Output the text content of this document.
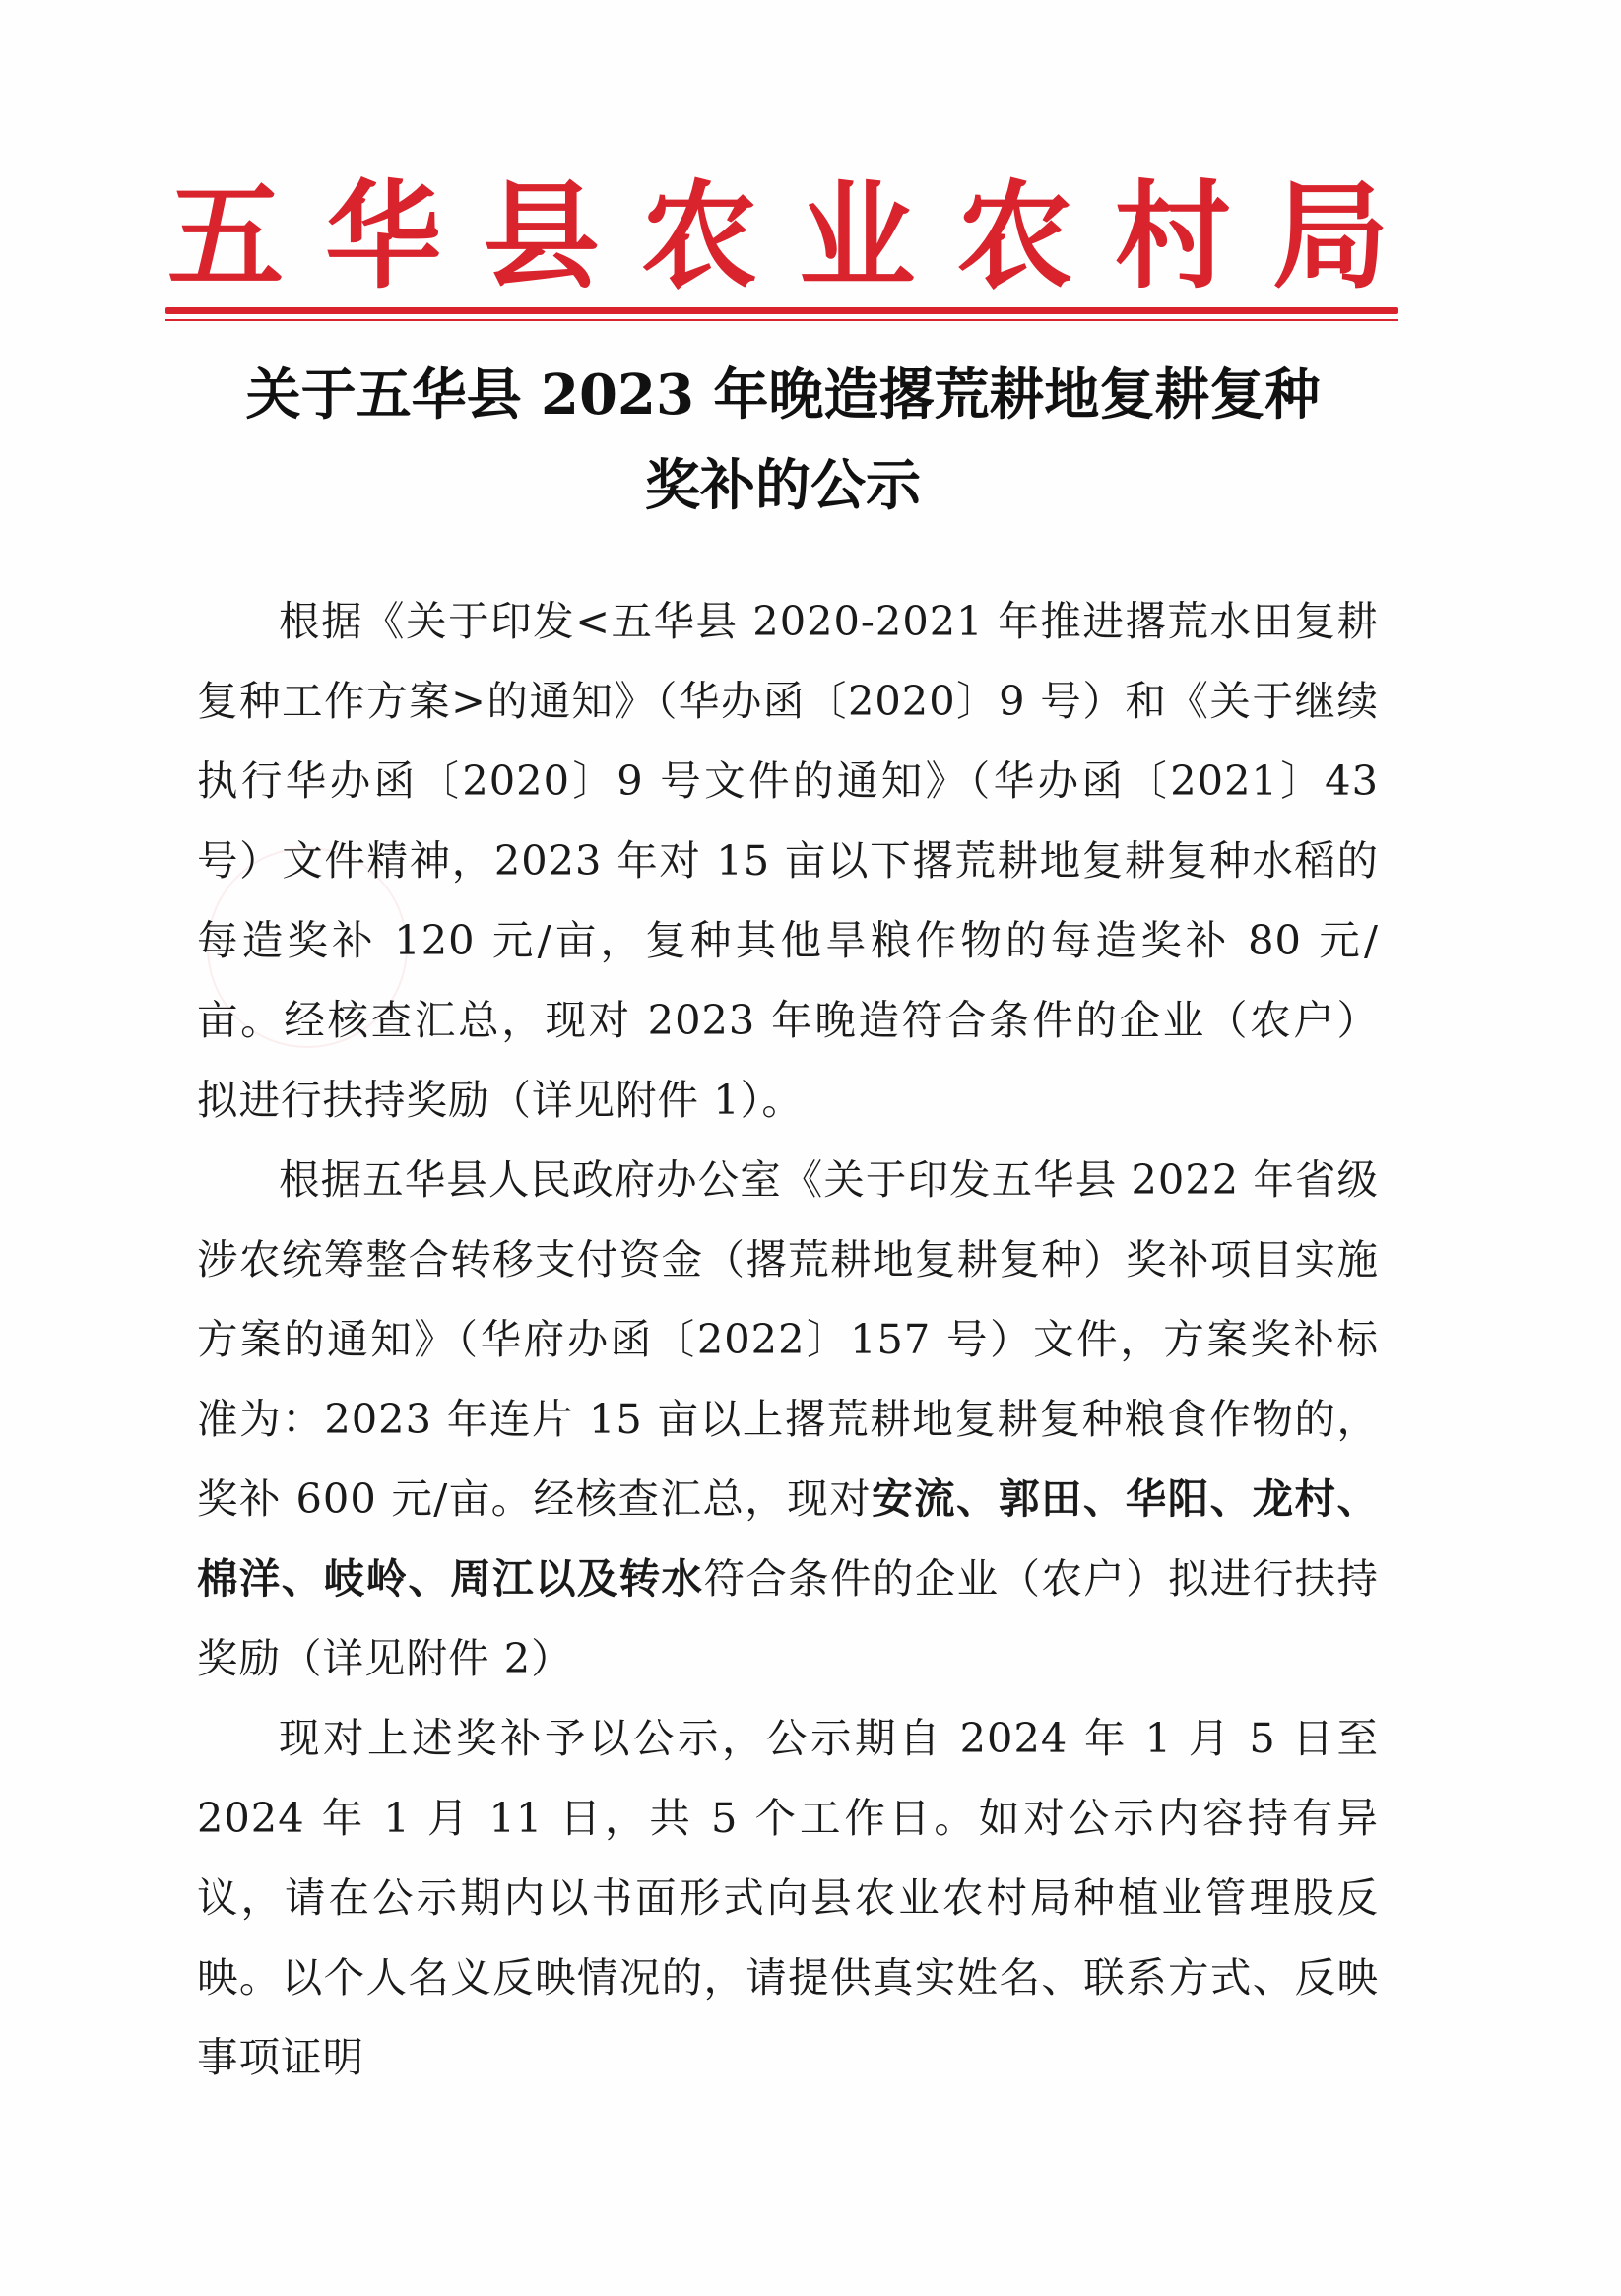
五 华 县 农 业 农 村 局
关于五华县 2023 年晚造撂荒耕地复耕复种
奖补的公示

根据《关于印发<五华县 2020-2021 年推进撂荒水田复耕复种工作方案>的通知》（华办函〔2020〕9 号）和《关于继续执行华办函〔2020〕9 号文件的通知》（华办函〔2021〕43 号）文件精神，2023 年对 15 亩以下撂荒耕地复耕复种水稻的每造奖补 120 元/亩，复种其他旱粮作物的每造奖补 80 元/亩。经核查汇总，现对 2023 年晚造符合条件的企业（农户）拟进行扶持奖励（详见附件 1）。

根据五华县人民政府办公室《关于印发五华县 2022 年省级涉农统筹整合转移支付资金（撂荒耕地复耕复种）奖补项目实施方案的通知》（华府办函〔2022〕157 号）文件，方案奖补标准为：2023 年连片 15 亩以上撂荒耕地复耕复种粮食作物的，奖补 600 元/亩。经核查汇总，现对安流、郭田、华阳、龙村、棉洋、岐岭、周江以及转水符合条件的企业（农户）拟进行扶持奖励（详见附件 2）

现对上述奖补予以公示，公示期自 2024 年 1 月 5 日至 2024 年 1 月 11 日，共 5 个工作日。如对公示内容持有异议，请在公示期内以书面形式向县农业农村局种植业管理股反映。以个人名义反映情况的，请提供真实姓名、联系方式、反映事项证明
